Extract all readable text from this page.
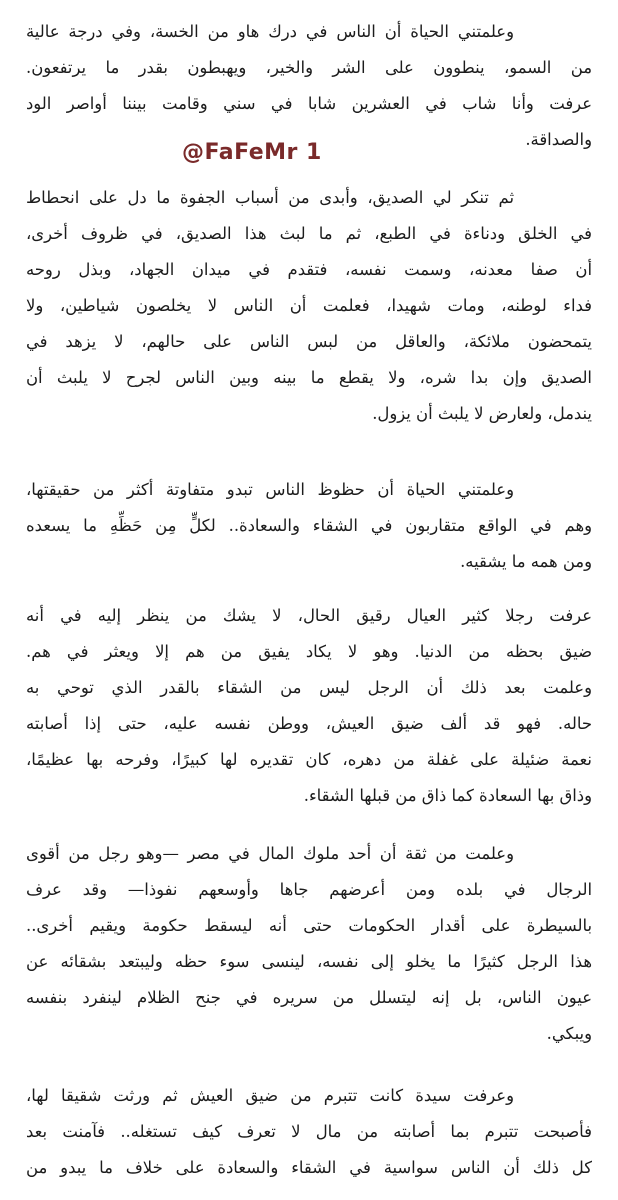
وعلمتني الحياة أن الناس في درك هاو من الخسة، وفي درجة عالية
من السمو، ينطوون على الشر والخير، ويهبطون بقدر ما يرتفعون.
عرفت وأنا شاب في العشرين شابا في سني وقامت بيننا أواصر الود
والصداقة.
@FaFeMr 1
ثم تنكر لي الصديق، وأبدى من أسباب الجفوة ما دل على انحطاط
في الخلق ودناءة في الطبع، ثم ما لبث هذا الصديق، في ظروف أخرى،
أن صفا معدنه، وسمت نفسه، فتقدم في ميدان الجهاد، وبذل روحه
فداء لوطنه، ومات شهيدا، فعلمت أن الناس لا يخلصون شياطين، ولا
يتمحضون ملائكة، والعاقل من لبس الناس على حالهم، لا يزهد في
الصديق وإن بدا شره، ولا يقطع ما بينه وبين الناس لجرح لا يلبث أن
يندمل، ولعارض لا يلبث أن يزول.
وعلمتني الحياة أن حظوظ الناس تبدو متفاوتة أكثر من حقيقتها،
وهم في الواقع متقاربون في الشقاء والسعادة.. لكلٍّ مِن حَظِّهِ ما يسعده
ومن همه ما يشقيه.
عرفت رجلا كثير العيال رقيق الحال، لا يشك من ينظر إليه في أنه
ضيق بحظه من الدنيا. وهو لا يكاد يفيق من هم إلا ويعثر في هم.
وعلمت بعد ذلك أن الرجل ليس من الشقاء بالقدر الذي توحي به
حاله. فهو قد ألف ضيق العيش، ووطن نفسه عليه، حتى إذا أصابته
نعمة ضئيلة على غفلة من دهره، كان تقديره لها كبيرًا، وفرحه بها عظيمًا،
وذاق بها السعادة كما ذاق من قبلها الشقاء.
وعلمت من ثقة أن أحد ملوك المال في مصر —وهو رجل من أقوى
الرجال في بلده ومن أعرضهم جاها وأوسعهم نفوذا— وقد عرف
بالسيطرة على أقدار الحكومات حتى أنه ليسقط حكومة ويقيم أخرى..
هذا الرجل كثيرًا ما يخلو إلى نفسه، لينسى سوء حظه وليبتعد بشقائه عن
عيون الناس، بل إنه ليتسلل من سريره في جنح الظلام لينفرد بنفسه
ويبكي.
وعرفت سيدة كانت تتبرم من ضيق العيش ثم ورثت شقيقا لها،
فأصبحت تتبرم بما أصابته من مال لا تعرف كيف تستغله.. فآمنت بعد
كل ذلك أن الناس سواسية في الشقاء والسعادة على خلاف ما يبدو من
